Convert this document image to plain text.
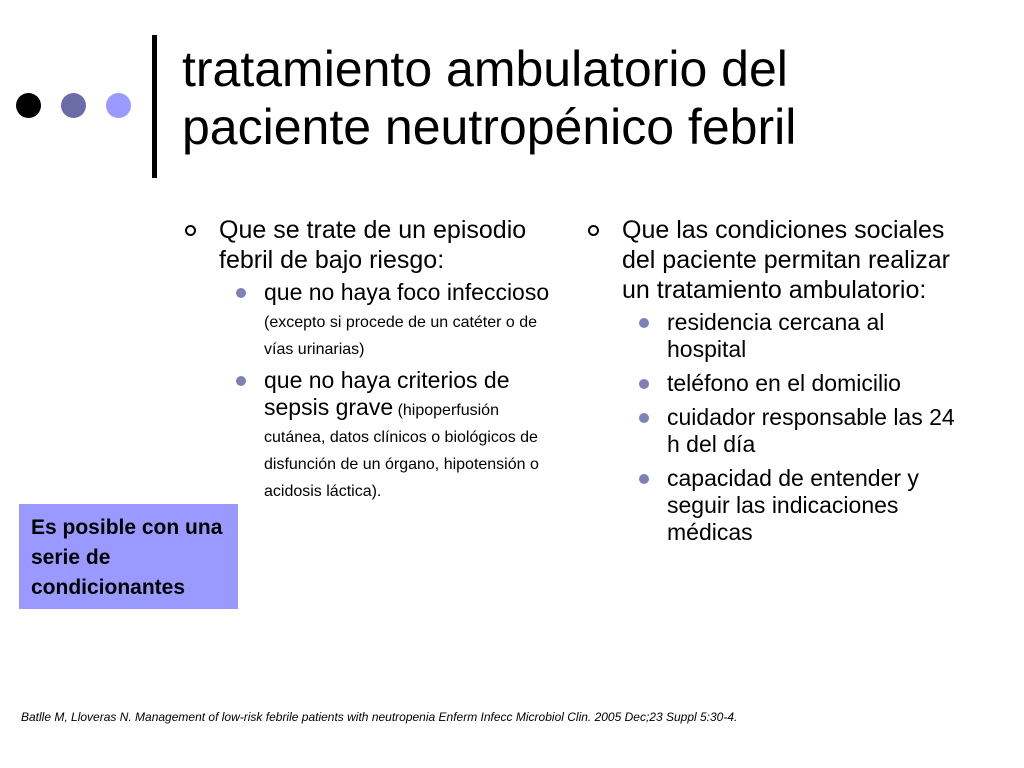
tratamiento ambulatorio del
paciente neutropénico febril
Que se trate de un episodio febril de bajo riesgo:
que no haya foco infeccioso (excepto si procede de un catéter o de vías urinarias)
que no haya criterios de sepsis grave (hipoperfusión cutánea, datos clínicos o biológicos de disfunción de un órgano, hipotensión o acidosis láctica).
Que las condiciones sociales del paciente permitan realizar un tratamiento ambulatorio:
residencia cercana al hospital
teléfono en el domicilio
cuidador responsable las 24 h del día
capacidad de entender y seguir las indicaciones médicas
Es posible con una serie de condicionantes

Batlle M, Lloveras N. Management of low-risk febrile patients with neutropenia Enferm Infecc Microbiol Clin. 2005 Dec;23 Suppl 5:30-4.
